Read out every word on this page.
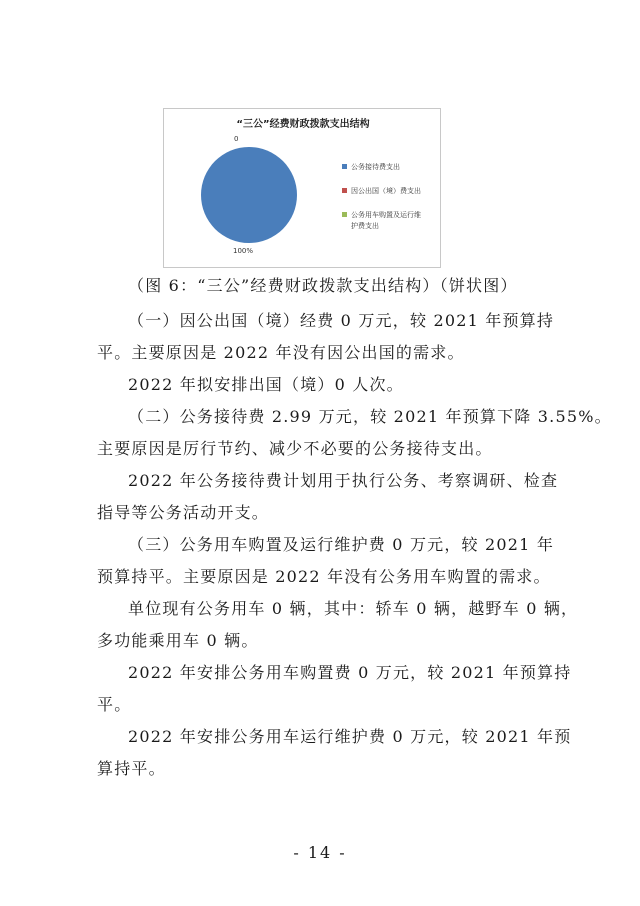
“三公”经费财政拨款支出结构
0
100%
公务接待费支出
因公出国（境）费支出
公务用车购置及运行维
护费支出

（图 6：“三公”经费财政拨款支出结构）（饼状图）

（一）因公出国（境）经费 0 万元，较 2021 年预算持

平。主要原因是 2022 年没有因公出国的需求。

2022 年拟安排出国（境）0 人次。

（二）公务接待费 2.99 万元，较 2021 年预算下降 3.55%。

主要原因是厉行节约、减少不必要的公务接待支出。

2022 年公务接待费计划用于执行公务、考察调研、检查

指导等公务活动开支。

（三）公务用车购置及运行维护费 0 万元，较 2021 年

预算持平。主要原因是 2022 年没有公务用车购置的需求。

单位现有公务用车 0 辆，其中：轿车 0 辆，越野车 0 辆，

多功能乘用车 0 辆。

2022 年安排公务用车购置费 0 万元，较 2021 年预算持

平。

2022 年安排公务用车运行维护费 0 万元，较 2021 年预

算持平。

- 14 -
